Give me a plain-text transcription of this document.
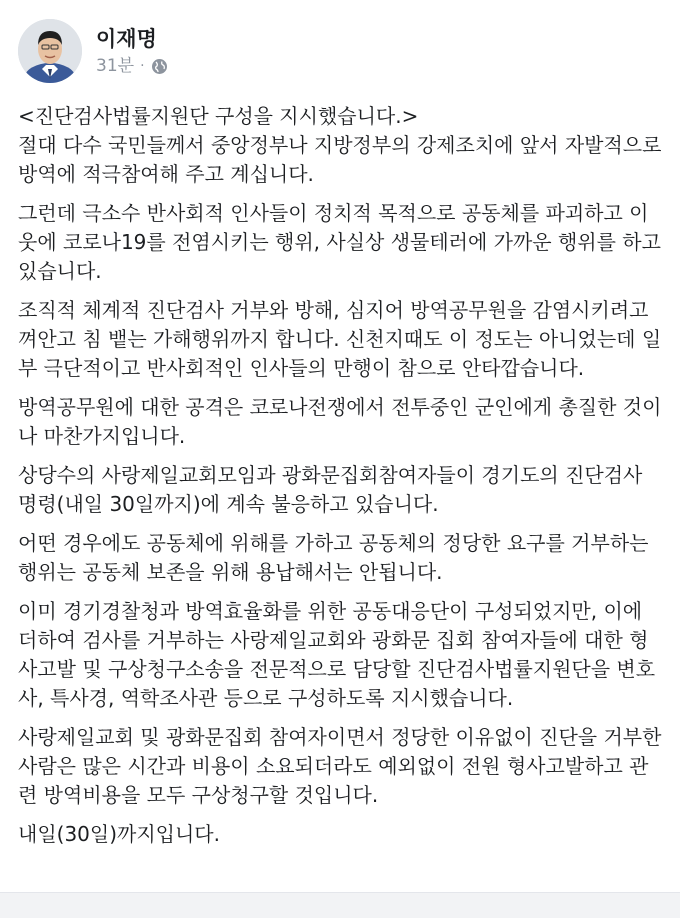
이재명
31분 ·
<진단검사법률지원단 구성을 지시했습니다.>
절대 다수 국민들께서 중앙정부나 지방정부의 강제조치에 앞서 자발적으로 방역에 적극참여해 주고 계십니다.
그런데 극소수 반사회적 인사들이 정치적 목적으로 공동체를 파괴하고 이웃에 코로나19를 전염시키는 행위, 사실상 생물테러에 가까운 행위를 하고 있습니다.
조직적 체계적 진단검사 거부와 방해, 심지어 방역공무원을 감염시키려고 껴안고 침 뱉는 가해행위까지 합니다. 신천지때도 이 정도는 아니었는데 일부 극단적이고 반사회적인 인사들의 만행이 참으로 안타깝습니다.
방역공무원에 대한 공격은 코로나전쟁에서 전투중인 군인에게 총질한 것이나 마찬가지입니다.
상당수의 사랑제일교회모임과 광화문집회참여자들이 경기도의 진단검사 명령(내일 30일까지)에 계속 불응하고 있습니다.
어떤 경우에도 공동체에 위해를 가하고 공동체의 정당한 요구를 거부하는 행위는 공동체 보존을 위해 용납해서는 안됩니다.
이미 경기경찰청과 방역효율화를 위한 공동대응단이 구성되었지만, 이에 더하여 검사를 거부하는 사랑제일교회와 광화문 집회 참여자들에 대한 형사고발 및 구상청구소송을 전문적으로 담당할 진단검사법률지원단을 변호사, 특사경, 역학조사관 등으로 구성하도록 지시했습니다.
사랑제일교회 및 광화문집회 참여자이면서 정당한 이유없이 진단을 거부한 사람은 많은 시간과 비용이 소요되더라도 예외없이 전원 형사고발하고 관련 방역비용을 모두 구상청구할 것입니다.
내일(30일)까지입니다.
